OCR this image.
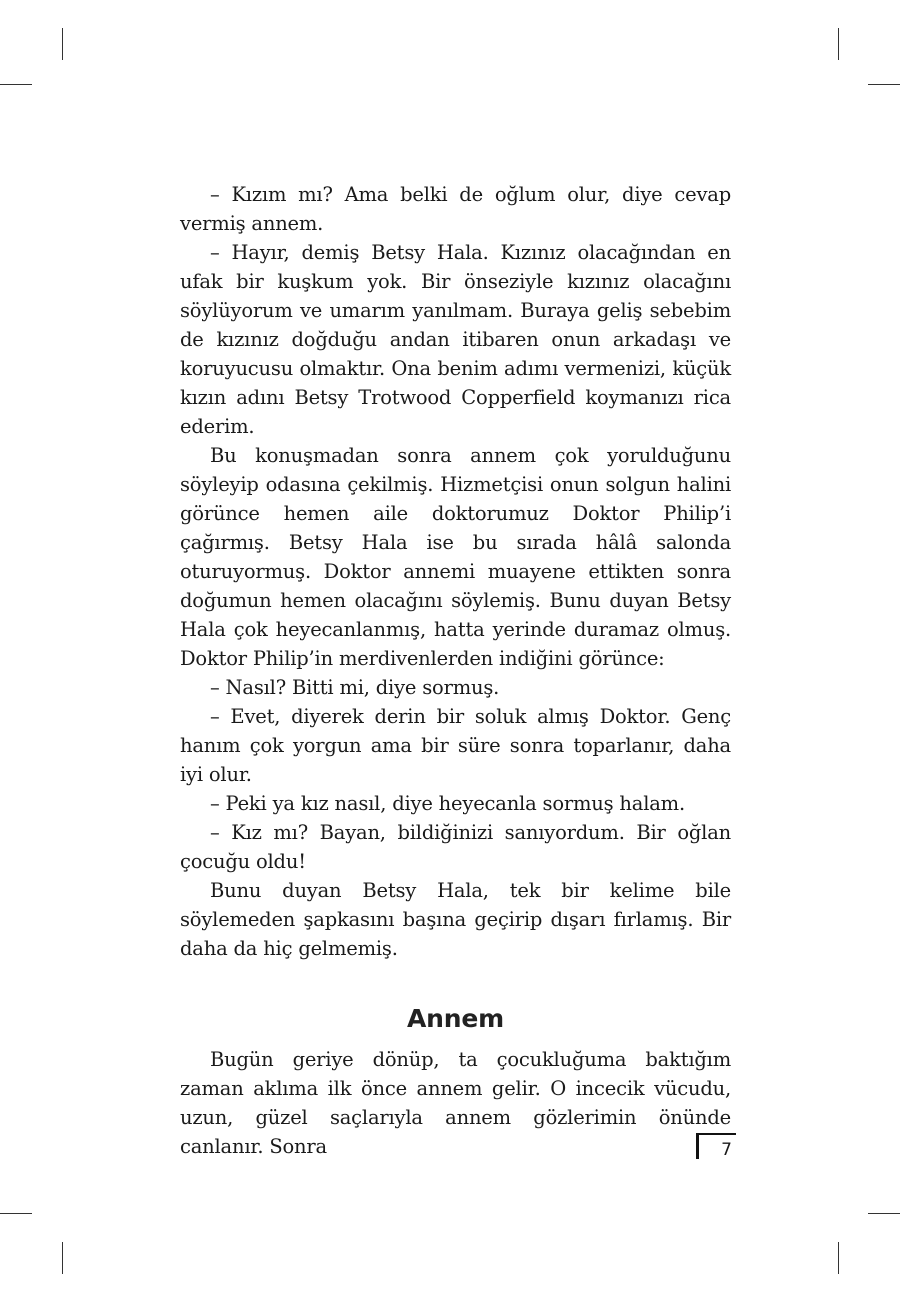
– Kızım mı? Ama belki de oğlum olur, diye cevap vermiş annem.

– Hayır, demiş Betsy Hala. Kızınız olacağından en ufak bir kuşkum yok. Bir önseziyle kızınız olacağını söylüyorum ve umarım yanılmam. Buraya geliş sebebim de kızınız doğduğu andan itibaren onun arkadaşı ve koruyucusu olmaktır. Ona benim adımı vermenizi, küçük kızın adını Betsy Trotwood Copperfield koymanızı rica ederim.

Bu konuşmadan sonra annem çok yorulduğunu söyleyip odasına çekilmiş. Hizmetçisi onun solgun halini görünce hemen aile doktorumuz Doktor Philip’i çağırmış. Betsy Hala ise bu sırada hâlâ salonda oturuyormuş. Doktor annemi muayene ettikten sonra doğumun hemen olacağını söylemiş. Bunu duyan Betsy Hala çok heyecanlanmış, hatta yerinde duramaz olmuş. Doktor Philip’in merdivenlerden indiğini görünce:

– Nasıl? Bitti mi, diye sormuş.

– Evet, diyerek derin bir soluk almış Doktor. Genç hanım çok yorgun ama bir süre sonra toparlanır, daha iyi olur.

– Peki ya kız nasıl, diye heyecanla sormuş halam.

– Kız mı? Bayan, bildiğinizi sanıyordum. Bir oğlan çocuğu oldu!

Bunu duyan Betsy Hala, tek bir kelime bile söylemeden şapkasını başına geçirip dışarı fırlamış. Bir daha da hiç gelmemiş.

Annem

Bugün geriye dönüp, ta çocukluğuma baktığım zaman aklıma ilk önce annem gelir. O incecik vücudu, uzun, güzel saçlarıyla annem gözlerimin önünde canlanır. Sonra	7
